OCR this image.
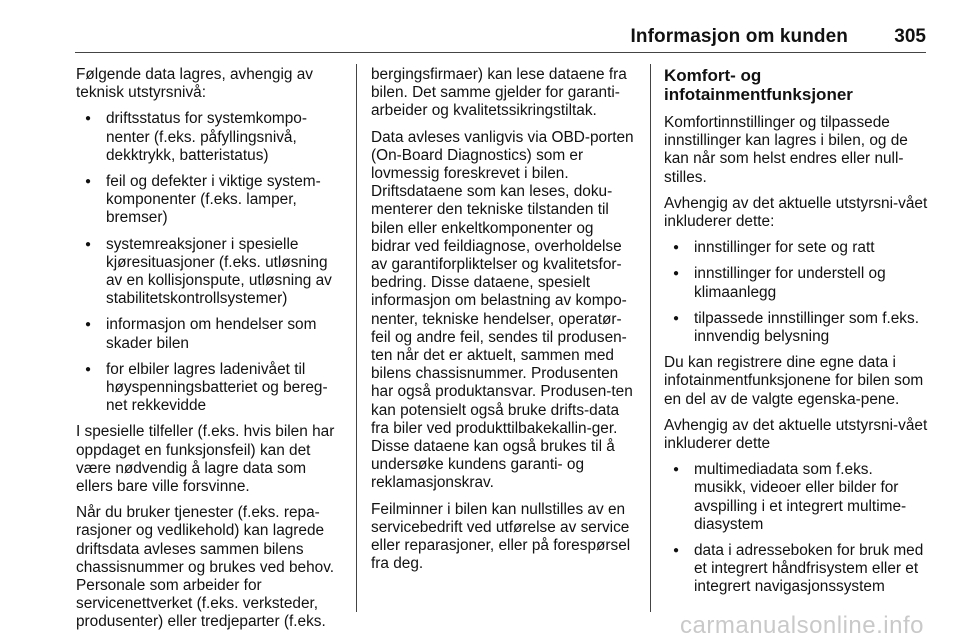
Informasjon om kunden 305

Følgende data lagres, avhengig av teknisk utstyrsnivå:

● driftsstatus for systemkompo-nenter (f.eks. påfyllingsnivå, dekktrykk, batteristatus)
● feil og defekter i viktige system-komponenter (f.eks. lamper, bremser)
● systemreaksjoner i spesielle kjøresituasjoner (f.eks. utløsning av en kollisjonspute, utløsning av stabilitetskontrollsystemer)
● informasjon om hendelser som skader bilen
● for elbiler lagres ladenivået til høyspenningsbatteriet og bereg-net rekkevidde

I spesielle tilfeller (f.eks. hvis bilen har oppdaget en funksjonsfeil) kan det være nødvendig å lagre data som ellers bare ville forsvinne.

Når du bruker tjenester (f.eks. repa-rasjoner og vedlikehold) kan lagrede driftsdata avleses sammen bilens chassisnummer og brukes ved behov. Personale som arbeider for servicenettverket (f.eks. verksteder, produsenter) eller tredjeparter (f.eks.

bergingsfirmaer) kan lese dataene fra bilen. Det samme gjelder for garanti-arbeider og kvalitetssikringstiltak.

Data avleses vanligvis via OBD-porten (On-Board Diagnostics) som er lovmessig foreskrevet i bilen. Driftsdataene som kan leses, doku-menterer den tekniske tilstanden til bilen eller enkeltkomponenter og bidrar ved feildiagnose, overholdelse av garantiforpliktelser og kvalitetsfor-bedring. Disse dataene, spesielt informasjon om belastning av kompo-nenter, tekniske hendelser, operatør-feil og andre feil, sendes til produsen-ten når det er aktuelt, sammen med bilens chassisnummer. Produsenten har også produktansvar. Produsen-ten kan potensielt også bruke drifts-data fra biler ved produkttilbakekallin-ger. Disse dataene kan også brukes til å undersøke kundens garanti- og reklamasjonskrav.

Feilminner i bilen kan nullstilles av en servicebedrift ved utførelse av service eller reparasjoner, eller på forespørsel fra deg.

Komfort- og infotainmentfunksjoner

Komfortinnstillinger og tilpassede innstillinger kan lagres i bilen, og de kan når som helst endres eller null-stilles.

Avhengig av det aktuelle utstyrsni-vået inkluderer dette:

● innstillinger for sete og ratt
● innstillinger for understell og klimaanlegg
● tilpassede innstillinger som f.eks. innvendig belysning

Du kan registrere dine egne data i infotainmentfunksjonene for bilen som en del av de valgte egenska-pene.

Avhengig av det aktuelle utstyrsni-vået inkluderer dette

● multimediadata som f.eks. musikk, videoer eller bilder for avspilling i et integrert multime-diasystem
● data i adresseboken for bruk med et integrert håndfrisystem eller et integrert navigasjonssystem
carmanualsonline.info
